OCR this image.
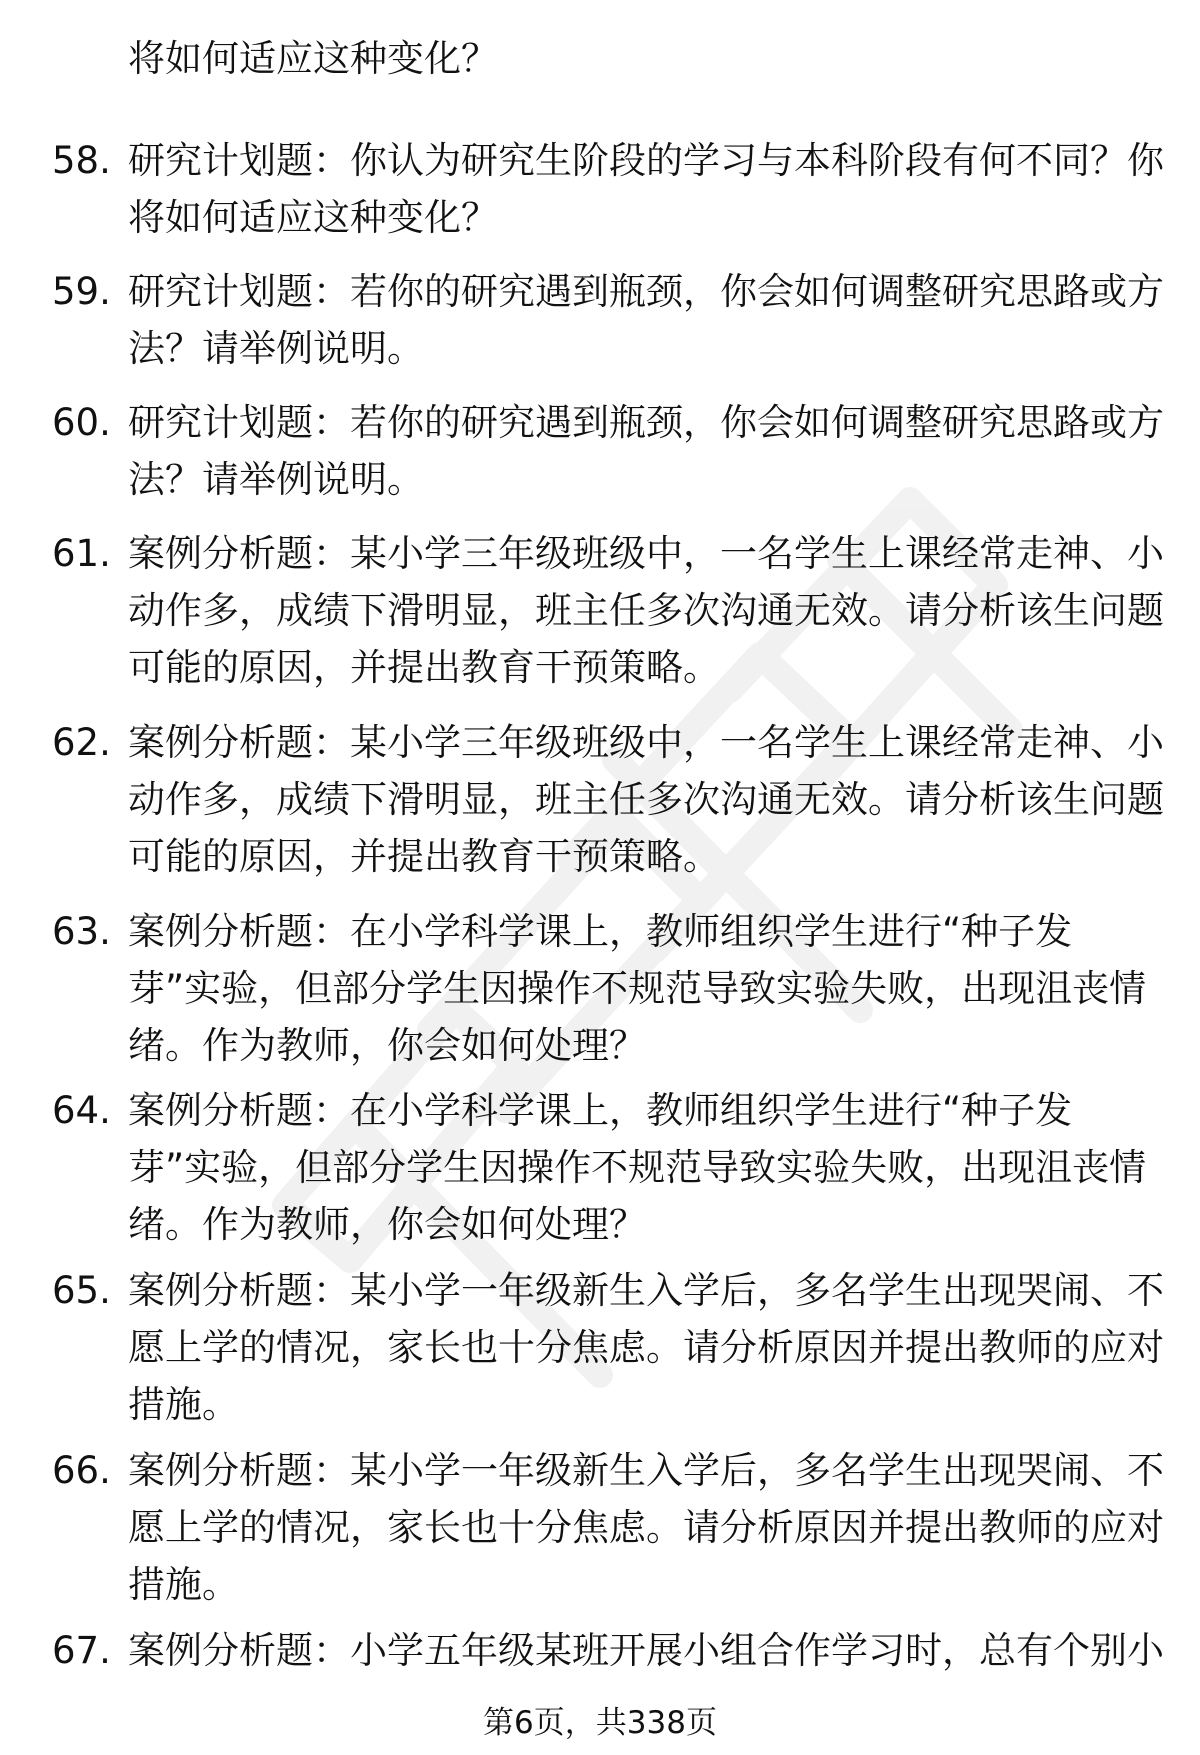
将如何适应这种变化？
58. 研究计划题：你认为研究生阶段的学习与本科阶段有何不同？你
将如何适应这种变化？
59. 研究计划题：若你的研究遇到瓶颈，你会如何调整研究思路或方
法？请举例说明。
60. 研究计划题：若你的研究遇到瓶颈，你会如何调整研究思路或方
法？请举例说明。
61. 案例分析题：某小学三年级班级中，一名学生上课经常走神、小
动作多，成绩下滑明显，班主任多次沟通无效。请分析该生问题
可能的原因，并提出教育干预策略。
62. 案例分析题：某小学三年级班级中，一名学生上课经常走神、小
动作多，成绩下滑明显，班主任多次沟通无效。请分析该生问题
可能的原因，并提出教育干预策略。
63. 案例分析题：在小学科学课上，教师组织学生进行“种子发
芽”实验，但部分学生因操作不规范导致实验失败，出现沮丧情
绪。作为教师，你会如何处理？
64. 案例分析题：在小学科学课上，教师组织学生进行“种子发
芽”实验，但部分学生因操作不规范导致实验失败，出现沮丧情
绪。作为教师，你会如何处理？
65. 案例分析题：某小学一年级新生入学后，多名学生出现哭闹、不
愿上学的情况，家长也十分焦虑。请分析原因并提出教师的应对
措施。
66. 案例分析题：某小学一年级新生入学后，多名学生出现哭闹、不
愿上学的情况，家长也十分焦虑。请分析原因并提出教师的应对
措施。
67. 案例分析题：小学五年级某班开展小组合作学习时，总有个别小
第6页，共338页
